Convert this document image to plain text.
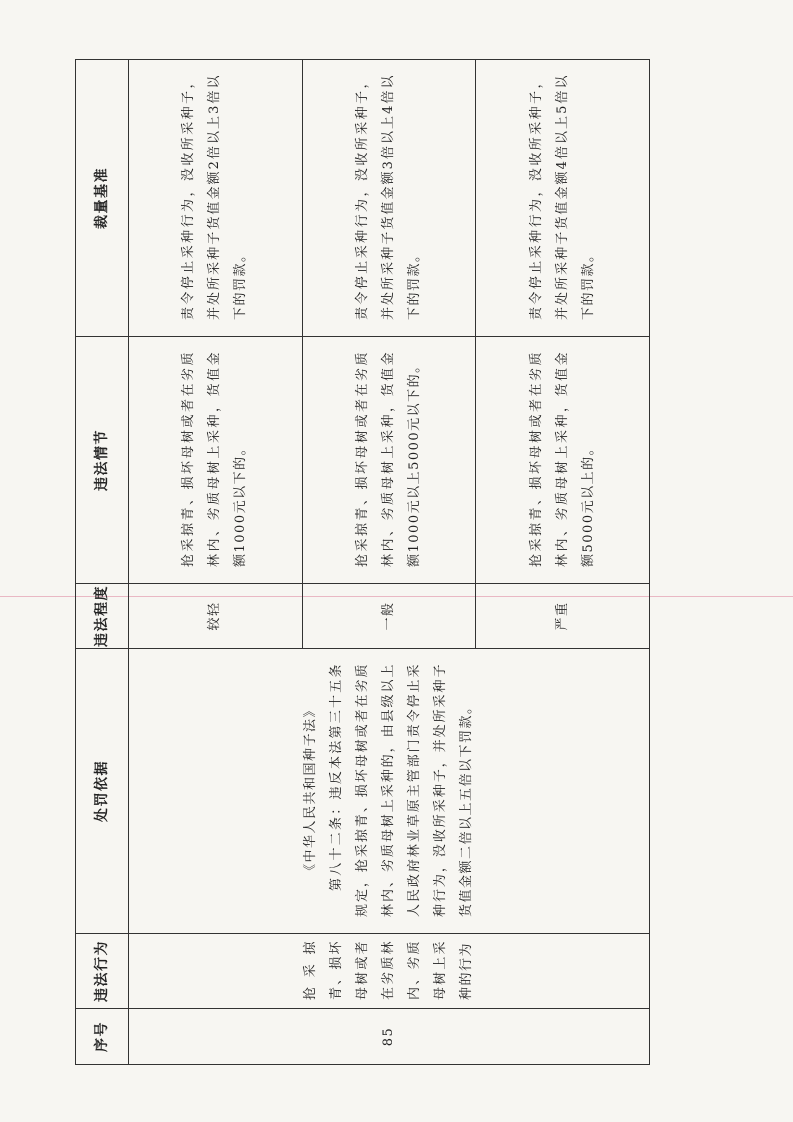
序号	违法行为	处罚依据	违法程度	违法情节	裁量基准
85	抢采掠青、损坏母树或者在劣质林内、劣质母树上采种的行为	《中华人民共和国种子法》 第八十二条：违反本法第三十五条规定，抢采掠青、损坏母树或者在劣质林内、劣质母树上采种的，由县级以上人民政府林业草原主管部门责令停止采种行为，没收所采种子，并处所采种子货值金额二倍以上五倍以下罚款。	较轻	抢采掠青、损坏母树或者在劣质林内、劣质母树上采种，货值金额1000元以下的。	责令停止采种行为，没收所采种子，并处所采种子货值金额2倍以上3倍以下的罚款。
			一般	抢采掠青、损坏母树或者在劣质林内、劣质母树上采种，货值金额1000元以上5000元以下的。	责令停止采种行为，没收所采种子，并处所采种子货值金额3倍以上4倍以下的罚款。
			严重	抢采掠青、损坏母树或者在劣质林内、劣质母树上采种，货值金额5000元以上的。	责令停止采种行为，没收所采种子，并处所采种子货值金额4倍以上5倍以下的罚款。
